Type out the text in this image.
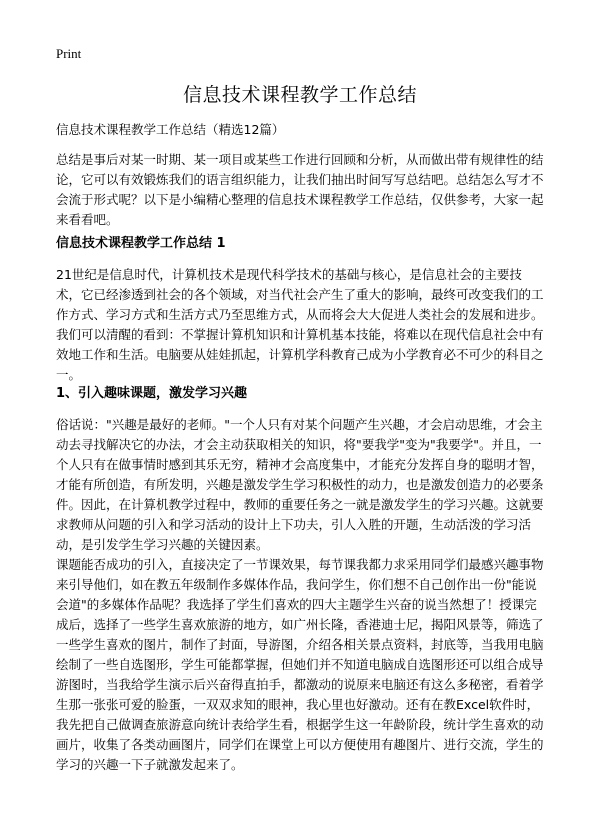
Print
信息技术课程教学工作总结

信息技术课程教学工作总结（精选12篇）

总结是事后对某一时期、某一项目或某些工作进行回顾和分析，从而做出带有规律性的结论，它可以有效锻炼我们的语言组织能力，让我们抽出时间写写总结吧。总结怎么写才不会流于形式呢？以下是小编精心整理的信息技术课程教学工作总结，仅供参考，大家一起来看看吧。

信息技术课程教学工作总结 1

21世纪是信息时代，计算机技术是现代科学技术的基础与核心，是信息社会的主要技术，它已经渗透到社会的各个领域，对当代社会产生了重大的影响，最终可改变我们的工作方式、学习方式和生活方式乃至思维方式，从而将会大大促进人类社会的发展和进步。我们可以清醒的看到：不掌握计算机知识和计算机基本技能，将难以在现代信息社会中有效地工作和生活。电脑要从娃娃抓起，计算机学科教育己成为小学教育必不可少的科目之一。

1、引入趣味课题，激发学习兴趣

俗话说："兴趣是最好的老师。"一个人只有对某个问题产生兴趣，才会启动思维，才会主动去寻找解决它的办法，才会主动获取相关的知识，将"要我学"变为"我要学"。并且，一个人只有在做事情时感到其乐无穷，精神才会高度集中，才能充分发挥自身的聪明才智，才能有所创造，有所发明，兴趣是激发学生学习积极性的动力，也是激发创造力的必要条件。因此，在计算机教学过程中，教师的重要任务之一就是激发学生的学习兴趣。这就要求教师从问题的引入和学习活动的设计上下功夫，引人入胜的开题，生动活泼的学习活动，是引发学生学习兴趣的关键因素。

课题能否成功的引入，直接决定了一节课效果，每节课我都力求采用同学们最感兴趣事物来引导他们，如在教五年级制作多媒体作品，我问学生，你们想不自己创作出一份"能说会道"的多媒体作品呢？我选择了学生们喜欢的四大主题学生兴奋的说当然想了！授课完成后，选择了一些学生喜欢旅游的地方，如广州长隆，香港迪士尼，揭阳风景等，筛选了一些学生喜欢的图片，制作了封面，导游图，介绍各相关景点资料，封底等，当我用电脑绘制了一些自选图形，学生可能都掌握，但她们并不知道电脑成自选图形还可以组合成导游图时，当我给学生演示后兴奋得直拍手，都激动的说原来电脑还有这么多秘密，看着学生那一张张可爱的脸蛋，一双双求知的眼神，我心里也好激动。还有在教Excel软件时，我先把自己做调查旅游意向统计表给学生看，根据学生这一年龄阶段，统计学生喜欢的动画片，收集了各类动画图片，同学们在课堂上可以方便使用有趣图片、进行交流，学生的学习的兴趣一下子就激发起来了。
